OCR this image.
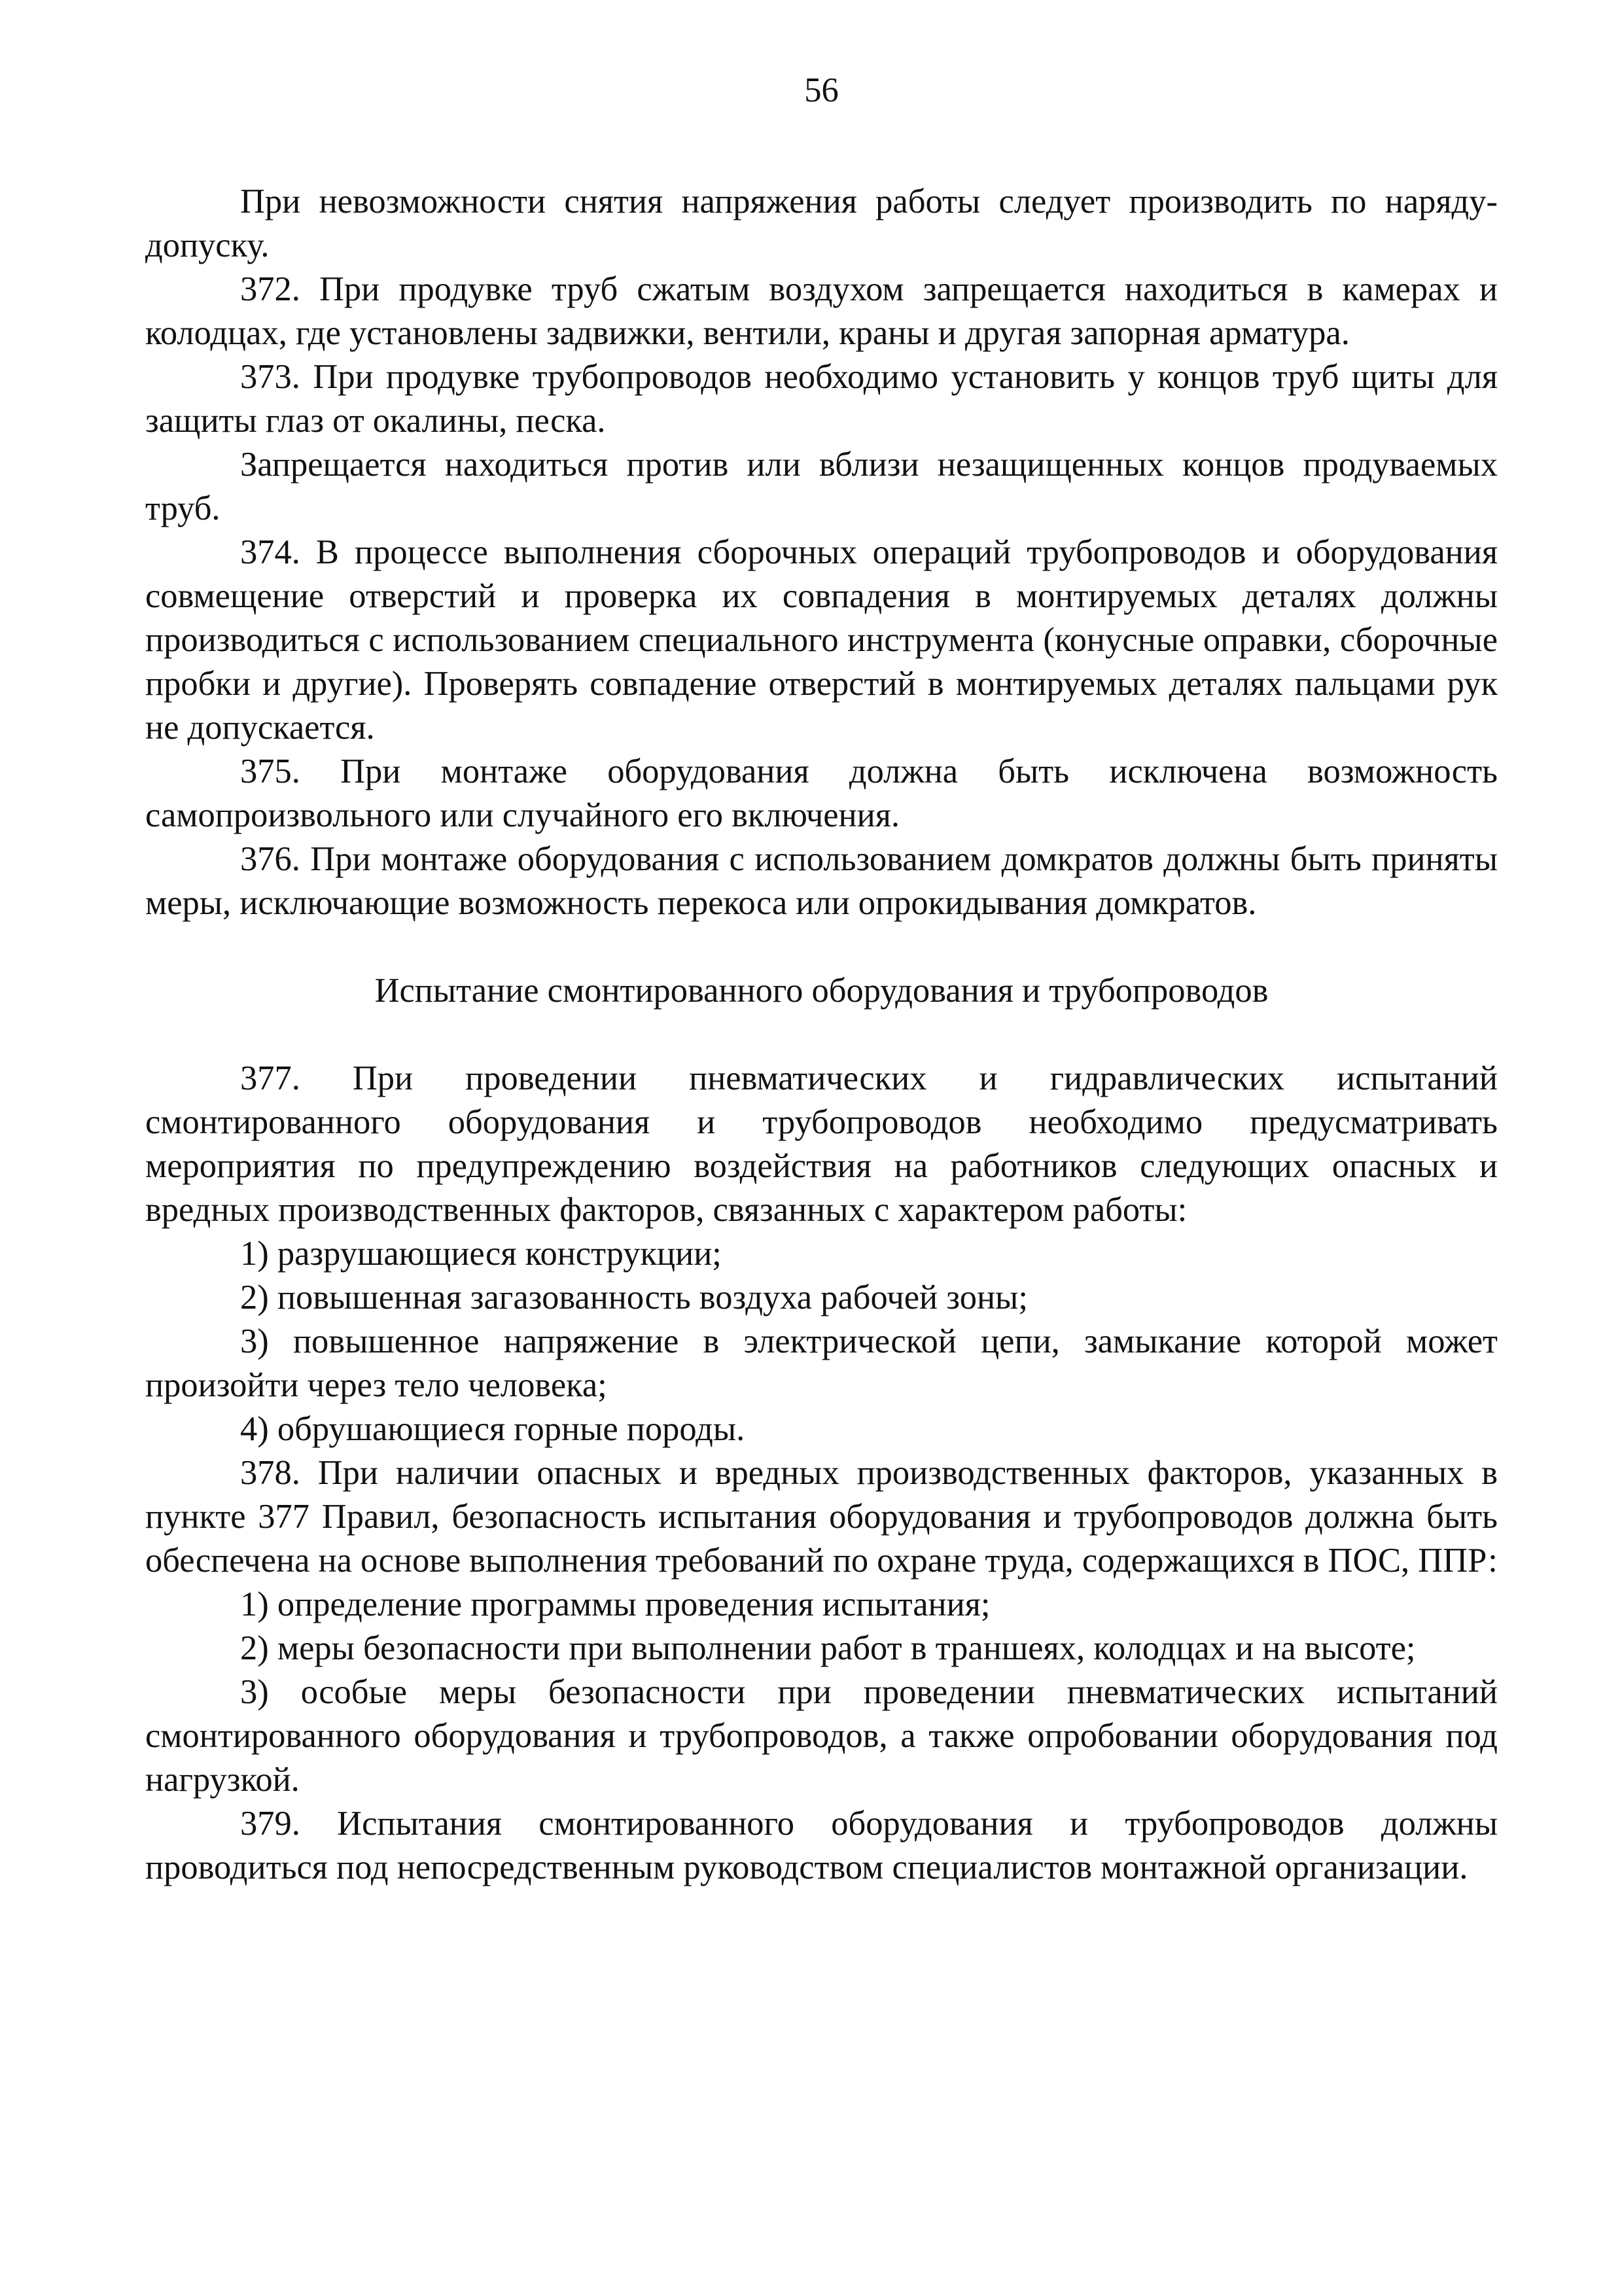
56

При невозможности снятия напряжения работы следует производить по наряду-допуску.

372. При продувке труб сжатым воздухом запрещается находиться в камерах и колодцах, где установлены задвижки, вентили, краны и другая запорная арматура.

373. При продувке трубопроводов необходимо установить у концов труб щиты для защиты глаз от окалины, песка.

Запрещается находиться против или вблизи незащищенных концов продуваемых труб.

374. В процессе выполнения сборочных операций трубопроводов и оборудования совмещение отверстий и проверка их совпадения в монтируемых деталях должны производиться с использованием специального инструмента (конусные оправки, сборочные пробки и другие). Проверять совпадение отверстий в монтируемых деталях пальцами рук не допускается.

375. При монтаже оборудования должна быть исключена возможность самопроизвольного или случайного его включения.

376. При монтаже оборудования с использованием домкратов должны быть приняты меры, исключающие возможность перекоса или опрокидывания домкратов.

Испытание смонтированного оборудования и трубопроводов

377. При проведении пневматических и гидравлических испытаний смонтированного оборудования и трубопроводов необходимо предусматривать мероприятия по предупреждению воздействия на работников следующих опасных и вредных производственных факторов, связанных с характером работы:

1) разрушающиеся конструкции;

2) повышенная загазованность воздуха рабочей зоны;

3) повышенное напряжение в электрической цепи, замыкание которой может произойти через тело человека;

4) обрушающиеся горные породы.

378. При наличии опасных и вредных производственных факторов, указанных в пункте 377 Правил, безопасность испытания оборудования и трубопроводов должна быть обеспечена на основе выполнения требований по охране труда, содержащихся в ПОС, ППР:

1) определение программы проведения испытания;

2) меры безопасности при выполнении работ в траншеях, колодцах и на высоте;

3) особые меры безопасности при проведении пневматических испытаний смонтированного оборудования и трубопроводов, а также опробовании оборудования под нагрузкой.

379. Испытания смонтированного оборудования и трубопроводов должны проводиться под непосредственным руководством специалистов монтажной организации.
